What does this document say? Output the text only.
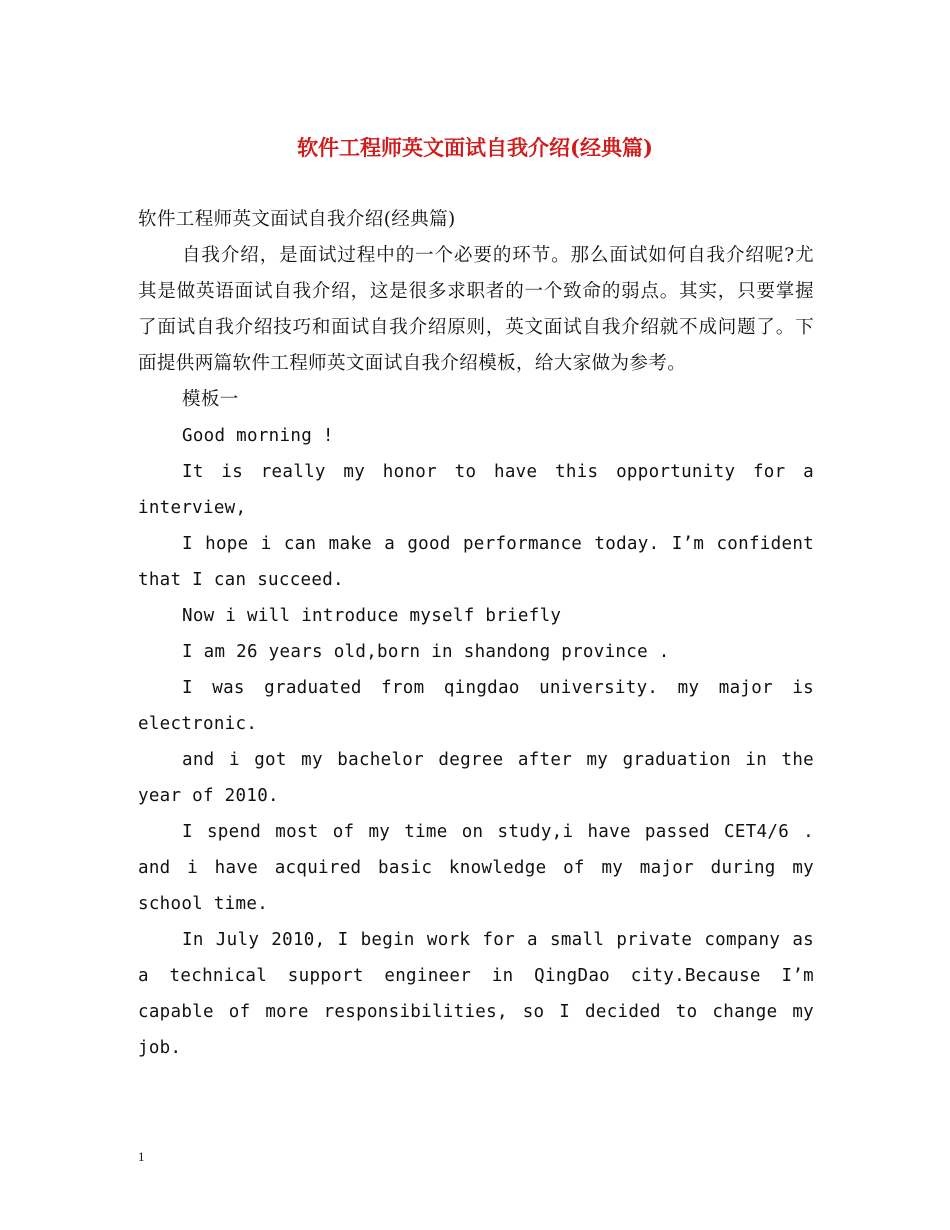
软件工程师英文面试自我介绍(经典篇)

软件工程师英文面试自我介绍(经典篇)

自我介绍，是面试过程中的一个必要的环节。那么面试如何自我介绍呢?尤其是做英语面试自我介绍，这是很多求职者的一个致命的弱点。其实，只要掌握了面试自我介绍技巧和面试自我介绍原则，英文面试自我介绍就不成问题了。下面提供两篇软件工程师英文面试自我介绍模板，给大家做为参考。

模板一

Good morning !

It is really my honor to have this opportunity for a interview,

I hope i can make a good performance today. I’m confident that I can succeed.

Now i will introduce myself briefly

I am 26 years old,born in shandong province .

I was graduated from qingdao university. my major is electronic.

and i got my bachelor degree after my graduation in the year of 2010.

I spend most of my time on study,i have passed CET4/6 . and i have acquired basic knowledge of my major during my school time.

In July 2010, I begin work for a small private company as a technical support engineer in QingDao city.Because I’m capable of more responsibilities, so I decided to change my job.

1
